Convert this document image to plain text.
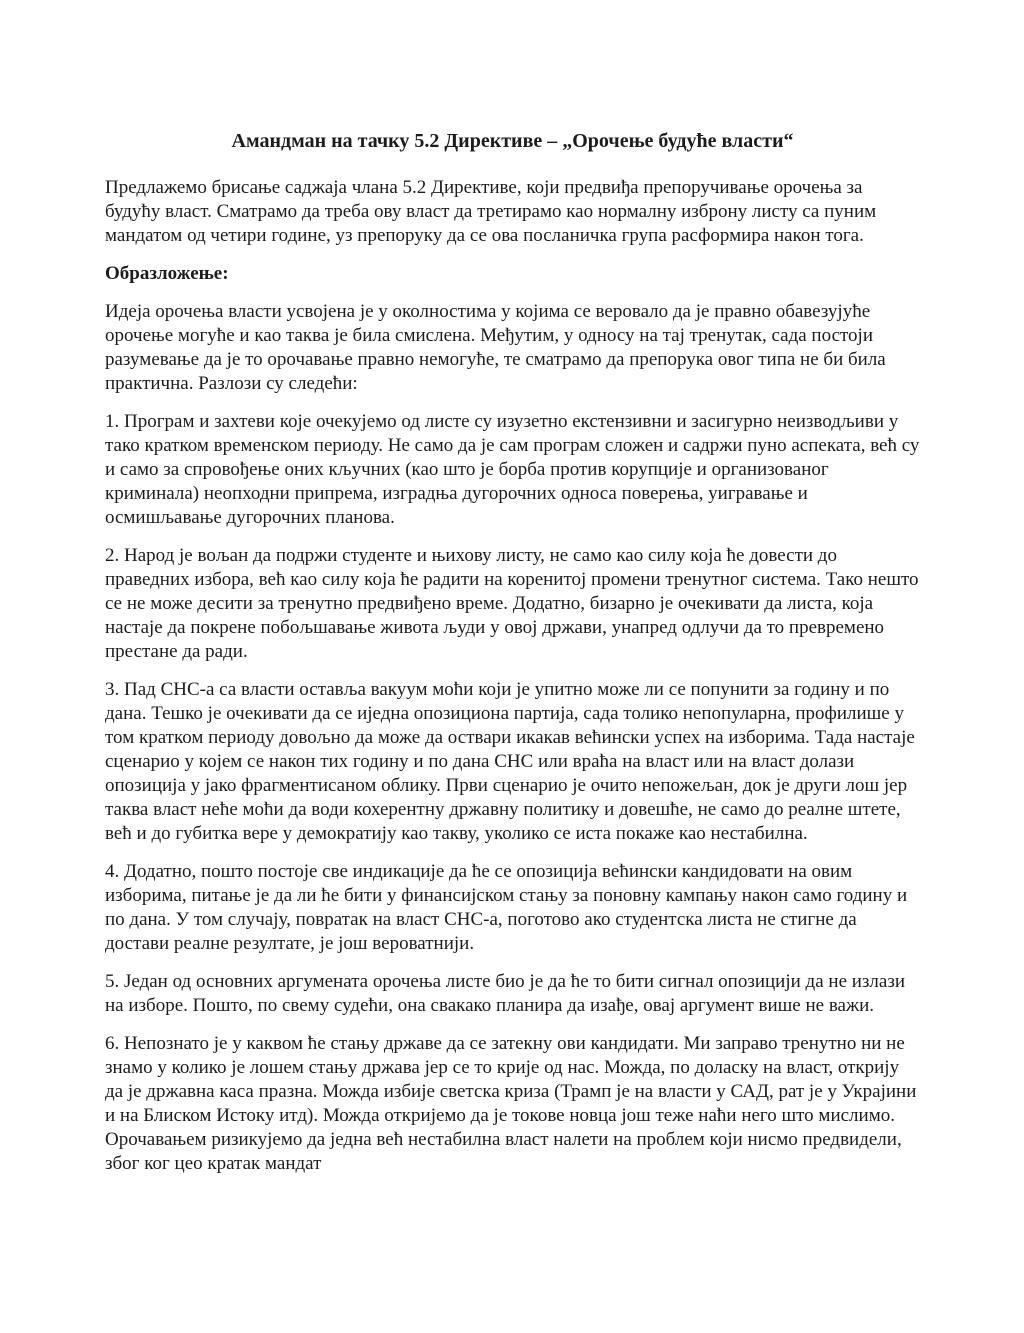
Амандман на тачку 5.2 Директиве – „Орочење будуће власти“

Предлажемо брисање саджаја члана 5.2 Директиве, који предвиђа препоручивање орочења за будућу власт. Сматрамо да треба ову власт да третирамо као нормалну изброну листу са пуним мандатом од четири године, уз препоруку да се ова посланичка група расформира након тога.

Образложење:

Идеја орочења власти усвојена је у околностима у којима се веровало да је правно обавезујуће орочење могуће и као таква је била смислена. Међутим, у односу на тај тренутак, сада постоји разумевање да је то орочавање правно немогуће, те сматрамо да препорука овог типа не би била практична. Разлози су следећи:

1. Програм и захтеви које очекујемо од листе су изузетно екстензивни и засигурно неизводљиви у тако кратком временском периоду. Не само да је сам програм сложен и садржи пуно аспеката, већ су и само за спровођење оних кључних (као што је борба против корупције и организованог криминала) неопходни припрема, изградња дугорочних односа поверења, уигравање и осмишљавање дугорочних планова.

2. Народ је вољан да подржи студенте и њихову листу, не само као силу која ће довести до праведних избора, већ као силу која ће радити на коренитој промени тренутног система. Тако нешто се не може десити за тренутно предвиђено време. Додатно, бизарно је очекивати да листа, која настаје да покрене побољшавање живота људи у овој држави, унапред одлучи да то превремено престане да ради.

3. Пад СНС-а са власти оставља вакуум моћи који је упитно може ли се попунити за годину и по дана. Тешко је очекивати да се иједна опозициона партија, сада толико непопуларна, профилише у том кратком периоду довољно да може да оствари икакав већински успех на изборима. Тада настаје сценарио у којем се након тих годину и по дана СНС или враћа на власт или на власт долази опозиција у јако фрагментисаном облику. Први сценарио је очито непожељан, док је други лош јер таква власт неће моћи да води кохерентну државну политику и довешће, не само до реалне штете, већ и до губитка вере у демократију као такву, уколико се иста покаже као нестабилна.

4. Додатно, пошто постоје све индикације да ће се опозиција већински кандидовати на овим изборима, питање је да ли ће бити у финансијском стању за поновну кампању након само годину и по дана. У том случају, повратак на власт СНС-а, поготово ако студентска листа не стигне да достави реалне резултате, је још вероватнији.

5. Један од основних аргумената орочења листе био је да ће то бити сигнал опозицији да не излази на изборе. Пошто, по свему судећи, она свакако планира да изађе, овај аргумент више не важи.

6. Непознато је у каквом ће стању државе да се затекну ови кандидати. Ми заправо тренутно ни не знамо у колико је лошем стању држава јер се то крије од нас. Можда, по доласку на власт, открију да је државна каса празна. Можда избије светска криза (Трамп је на власти у САД, рат је у Украјини и на Блиском Истоку итд). Можда откријемо да је токове новца још теже наћи него што мислимо. Орочавањем ризикујемо да једна већ нестабилна власт налети на проблем који нисмо предвидели, због ког цео кратак мандат
